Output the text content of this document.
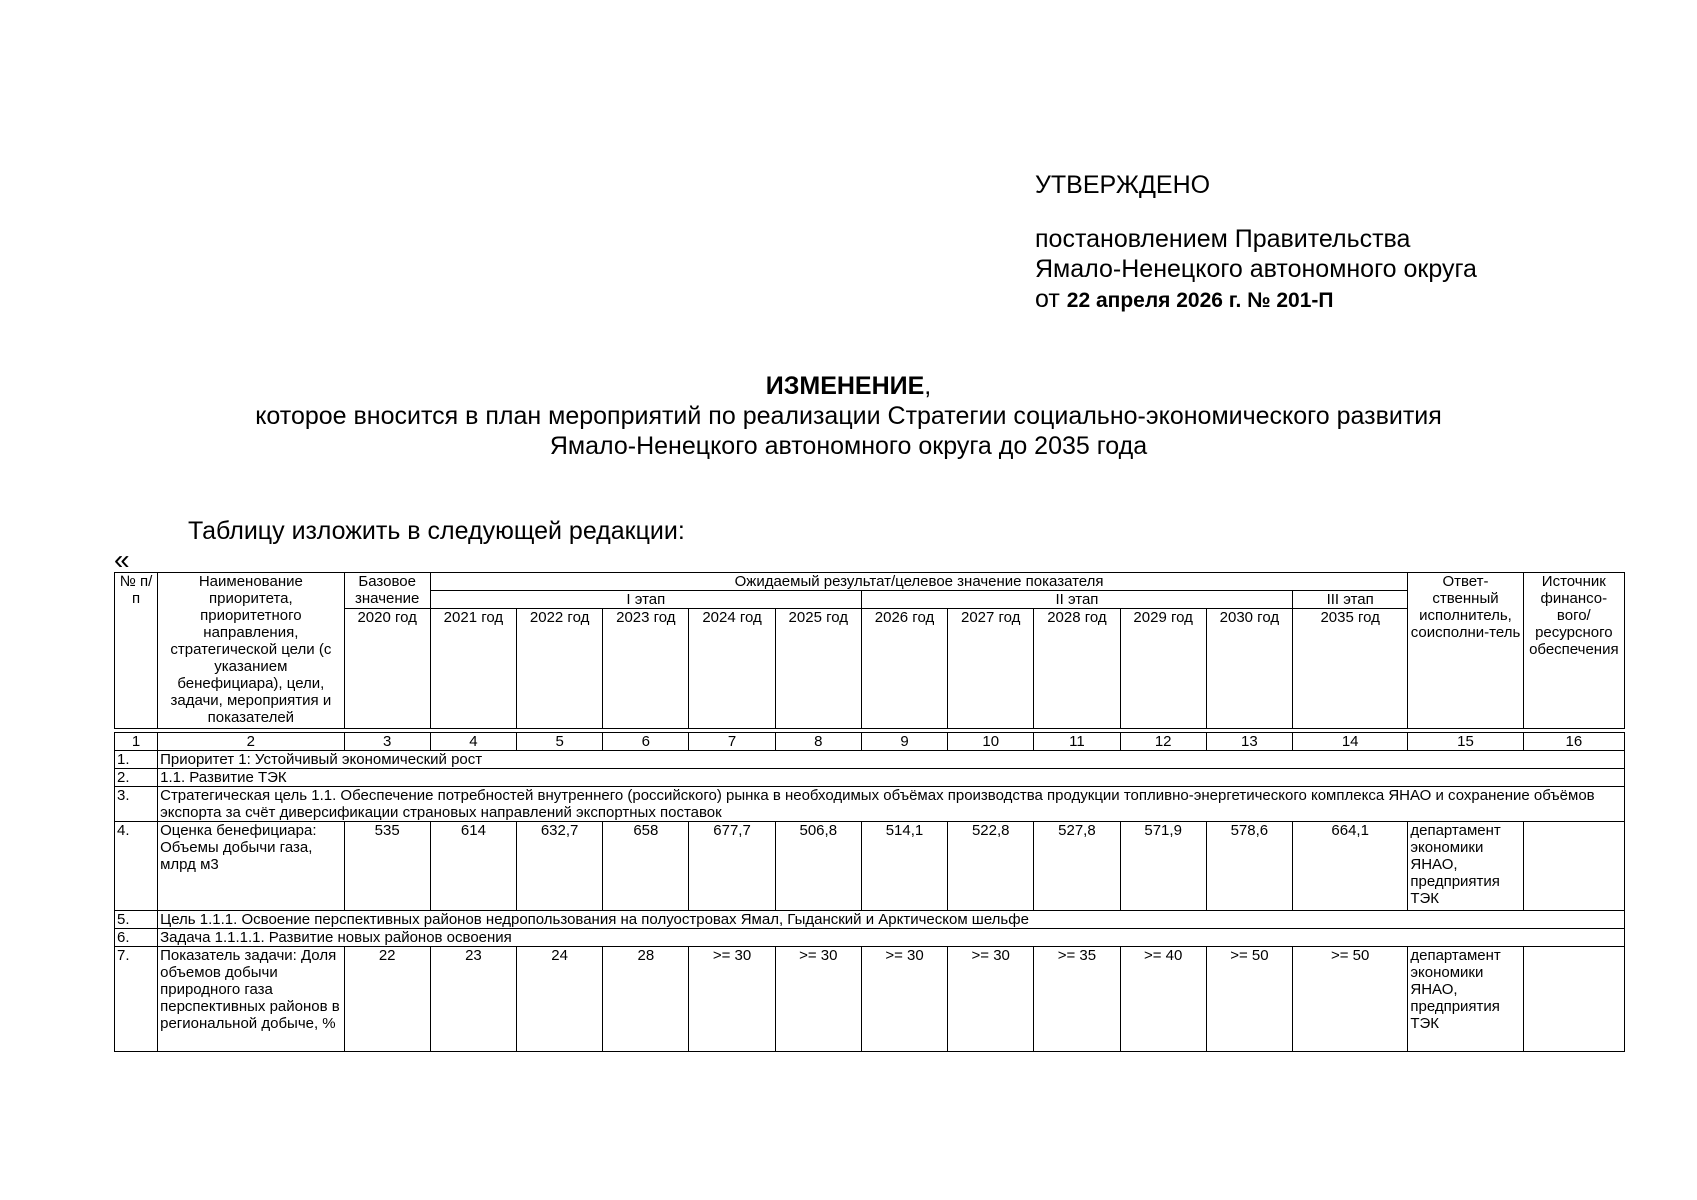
УТВЕРЖДЕНО
постановлением Правительства
Ямало-Ненецкого автономного округа
от 22 апреля 2026 г. № 201-П
ИЗМЕНЕНИЕ,
которое вносится в план мероприятий по реализации Стратегии социально-экономического развития
Ямало-Ненецкого автономного округа до 2035 года
Таблицу изложить в следующей редакции:
«
№ п/п	Наименование приоритета, приоритетного направления, стратегической цели (с указанием бенефициара), цели, задачи, мероприятия и показателей	Базовое значение	Ожидаемый результат/целевое значение показателя											Ответ-ственный исполнитель, соисполни-тель	Источник финансо-вого/ ресурсного обеспечения
			I этап					II этап					III этап		
		2020 год	2021 год	2022 год	2023 год	2024 год	2025 год	2026 год	2027 год	2028 год	2029 год	2030 год	2035 год		

1	2	3	4	5	6	7	8	9	10	11	12	13	14	15	16
1.	Приоритет 1: Устойчивый экономический рост														
2.	1.1. Развитие ТЭК														
3.	Стратегическая цель 1.1. Обеспечение потребностей внутреннего (российского) рынка в необходимых объёмах производства продукции топливно-энергетического комплекса ЯНАО и сохранение объёмов экспорта за счёт диверсификации страновых направлений экспортных поставок														
4.	Оценка бенефициара: Объемы добычи газа, млрд м3	535	614	632,7	658	677,7	506,8	514,1	522,8	527,8	571,9	578,6	664,1	департамент экономики ЯНАО, предприятия ТЭК	
5.	Цель 1.1.1. Освоение перспективных районов недропользования на полуостровах Ямал, Гыданский и Арктическом шельфе														
6.	Задача 1.1.1.1. Развитие новых районов освоения														
7.	Показатель задачи: Доля объемов добычи природного газа перспективных районов в региональной добыче, %	22	23	24	28	>= 30	>= 30	>= 30	>= 30	>= 35	>= 40	>= 50	>= 50	департамент экономики ЯНАО, предприятия ТЭК	
